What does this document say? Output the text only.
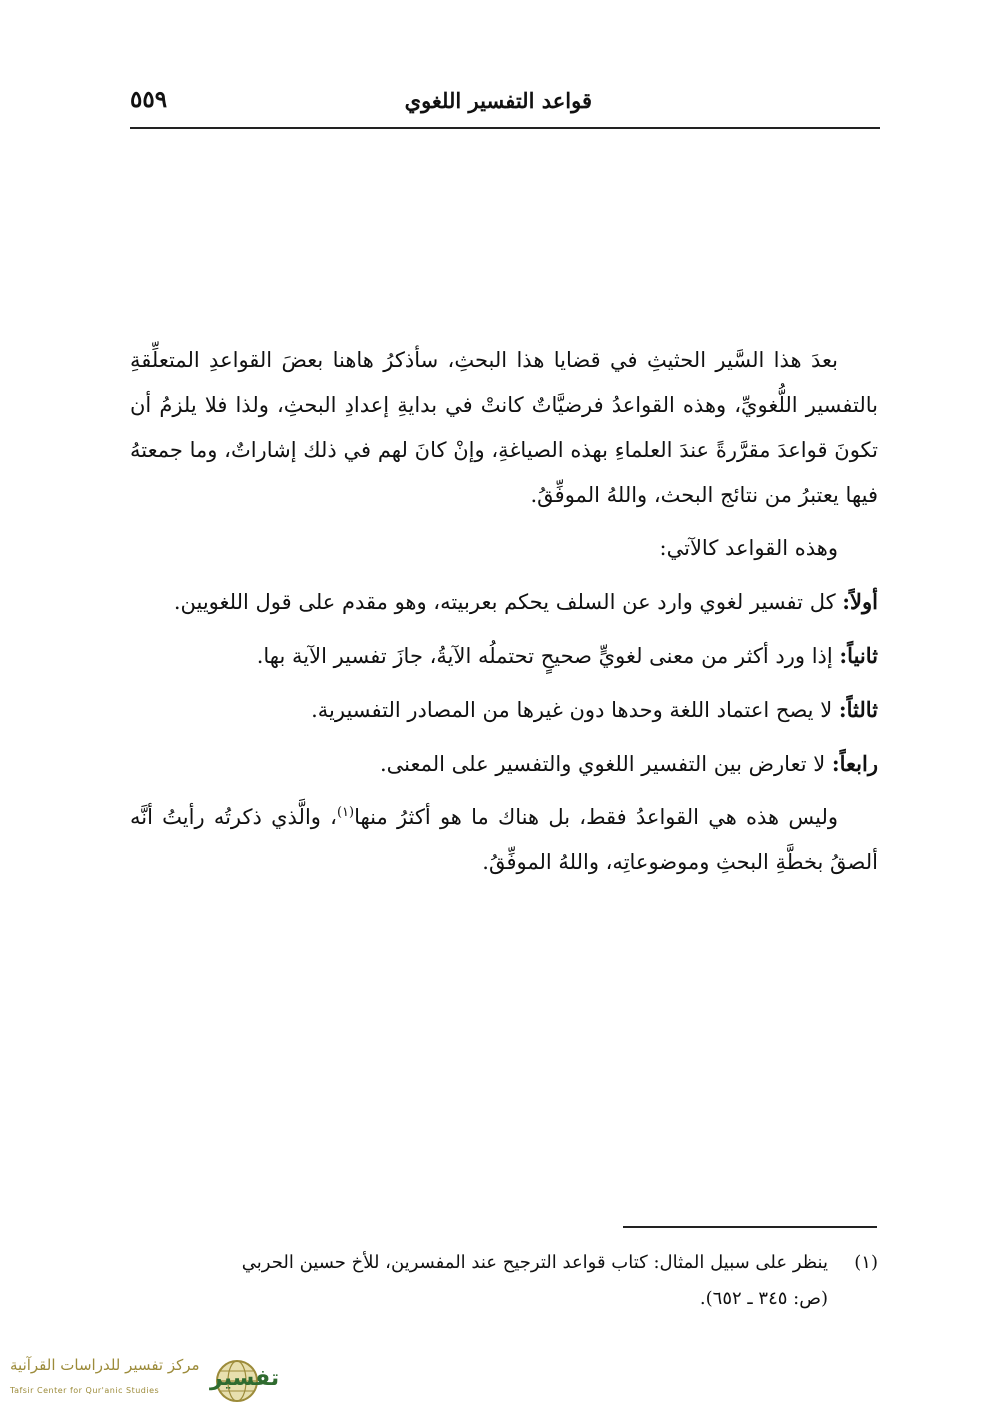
٥٥٩	قواعد التفسير اللغوي

بعدَ هذا السَّير الحثيثِ في قضايا هذا البحثِ، سأذكرُ هاهنا بعضَ القواعدِ المتعلِّقةِ بالتفسير اللُّغويِّ، وهذه القواعدُ فرضيَّاتٌ كانتْ في بدايةِ إعدادِ البحثِ، ولذا فلا يلزمُ أن تكونَ قواعدَ مقرَّرةً عندَ العلماءِ بهذه الصياغةِ، وإنْ كانَ لهم في ذلك إشاراتٌ، وما جمعتهُ فيها يعتبرُ من نتائج البحث، واللهُ الموفِّقُ.

وهذه القواعد كالآتي:

أولاً: كل تفسير لغوي وارد عن السلف يحكم بعربيته، وهو مقدم على قول اللغويين.

ثانياً: إذا ورد أكثر من معنى لغويٍّ صحيحٍ تحتملُه الآيةُ، جازَ تفسير الآية بها.

ثالثاً: لا يصح اعتماد اللغة وحدها دون غيرها من المصادر التفسيرية.

رابعاً: لا تعارض بين التفسير اللغوي والتفسير على المعنى.

وليس هذه هي القواعدُ فقط، بل هناك ما هو أكثرُ منها$^{(١)}$، والَّذي ذكرتُه رأيتُ أنَّه ألصقُ بخطَّةِ البحثِ وموضوعاتِه، واللهُ الموفِّقُ.

(١)ينظر على سبيل المثال: كتاب قواعد الترجيح عند المفسرين، للأخ حسين الحربي
(ص: ٣٤٥ ـ ٦٥٢).
مركز تفسير للدراسات القرآنية
Tafsir Center for Qur'anic Studies تفسير
